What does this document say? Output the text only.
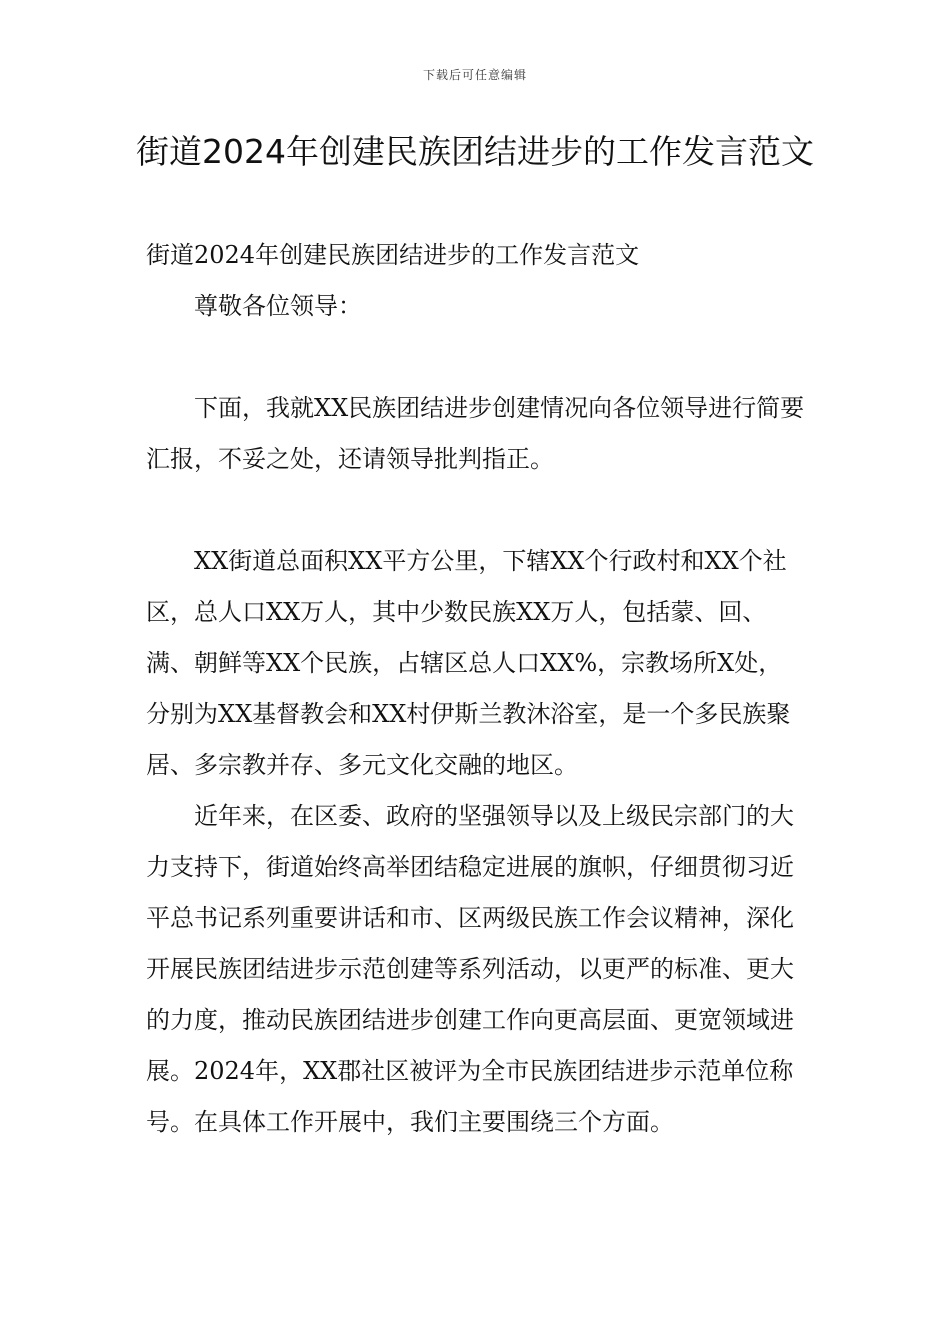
下载后可任意编辑
街道2024年创建民族团结进步的工作发言范文

街道2024年创建民族团结进步的工作发言范文

尊敬各位领导：

下面，我就XX民族团结进步创建情况向各位领导进行简要汇报，不妥之处，还请领导批判指正。

XX街道总面积XX平方公里，下辖XX个行政村和XX个社区，总人口XX万人，其中少数民族XX万人，包括蒙、回、满、朝鲜等XX个民族，占辖区总人口XX%，宗教场所X处，分别为XX基督教会和XX村伊斯兰教沐浴室，是一个多民族聚居、多宗教并存、多元文化交融的地区。

近年来，在区委、政府的坚强领导以及上级民宗部门的大力支持下，街道始终高举团结稳定进展的旗帜，仔细贯彻习近平总书记系列重要讲话和市、区两级民族工作会议精神，深化开展民族团结进步示范创建等系列活动，以更严的标准、更大的力度，推动民族团结进步创建工作向更高层面、更宽领域进展。2024年，XX郡社区被评为全市民族团结进步示范单位称号。在具体工作开展中，我们主要围绕三个方面。
